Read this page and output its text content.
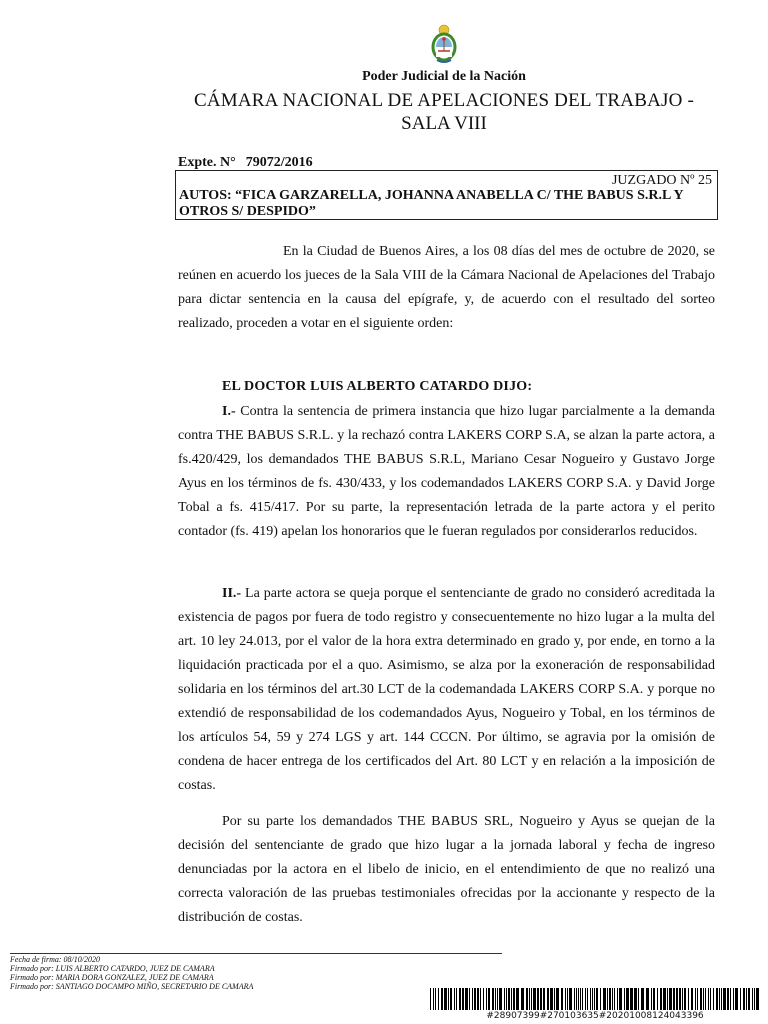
Poder Judicial de la Nación
CÁMARA NACIONAL DE APELACIONES DEL TRABAJO -
SALA VIII
Expte. N° 79072/2016
JUZGADO Nº 25
AUTOS: “FICA GARZARELLA, JOHANNA ANABELLA C/ THE BABUS S.R.L Y OTROS S/ DESPIDO”
En la Ciudad de Buenos Aires, a los 08 días del mes de octubre de 2020, se reúnen en acuerdo los jueces de la Sala VIII de la Cámara Nacional de Apelaciones del Trabajo para dictar sentencia en la causa del epígrafe, y, de acuerdo con el resultado del sorteo realizado, proceden a votar en el siguiente orden:
EL DOCTOR LUIS ALBERTO CATARDO DIJO:
I.- Contra la sentencia de primera instancia que hizo lugar parcialmente a la demanda contra THE BABUS S.R.L. y la rechazó contra LAKERS CORP S.A, se alzan la parte actora, a fs.420/429, los demandados THE BABUS S.R.L, Mariano Cesar Nogueiro y Gustavo Jorge Ayus en los términos de fs. 430/433, y los codemandados LAKERS CORP S.A. y David Jorge Tobal a fs. 415/417. Por su parte, la representación letrada de la parte actora y el perito contador (fs. 419) apelan los honorarios que le fueran regulados por considerarlos reducidos.
II.- La parte actora se queja porque el sentenciante de grado no consideró acreditada la existencia de pagos por fuera de todo registro y consecuentemente no hizo lugar a la multa del art. 10 ley 24.013, por el valor de la hora extra determinado en grado y, por ende, en torno a la liquidación practicada por el a quo. Asimismo, se alza por la exoneración de responsabilidad solidaria en los términos del art.30 LCT de la codemandada LAKERS CORP S.A. y porque no extendió de responsabilidad de los codemandados Ayus, Nogueiro y Tobal, en los términos de los artículos 54, 59 y 274 LGS y art. 144 CCCN. Por último, se agravia por la omisión de condena de hacer entrega de los certificados del Art. 80 LCT y en relación a la imposición de costas.
Por su parte los demandados THE BABUS SRL, Nogueiro y Ayus se quejan de la decisión del sentenciante de grado que hizo lugar a la jornada laboral y fecha de ingreso denunciadas por la actora en el libelo de inicio, en el entendimiento de que no realizó una correcta valoración de las pruebas testimoniales ofrecidas por la accionante y respecto de la distribución de costas.
Fecha de firma: 08/10/2020
Firmado por: LUIS ALBERTO CATARDO, JUEZ DE CAMARA
Firmado por: MARIA DORA GONZALEZ, JUEZ DE CAMARA
Firmado por: SANTIAGO DOCAMPO MIÑO, SECRETARIO DE CAMARA
#28907399#270103635#20201008124043396
